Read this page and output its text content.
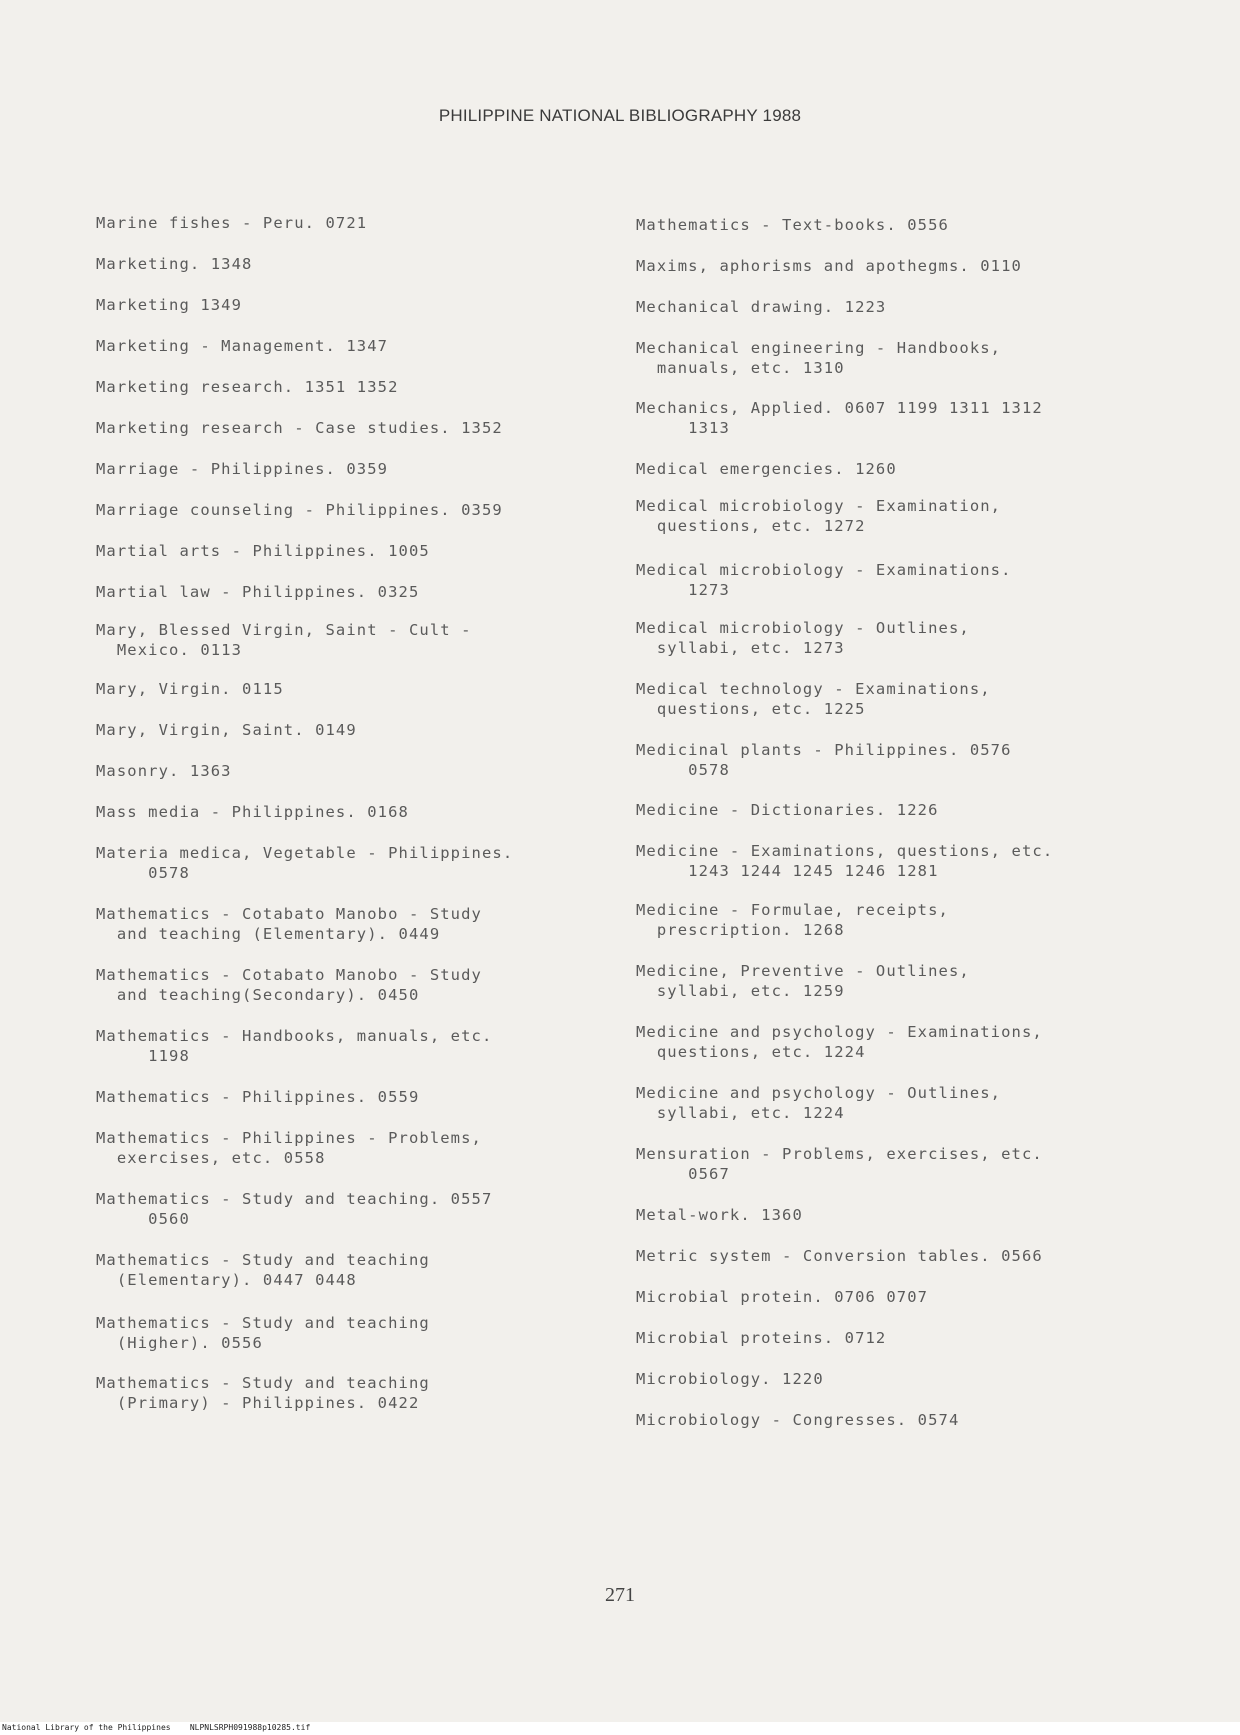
PHILIPPINE NATIONAL BIBLIOGRAPHY 1988
Marine fishes - Peru. 0721
Marketing. 1348
Marketing 1349
Marketing - Management. 1347
Marketing research. 1351 1352
Marketing research - Case studies. 1352
Marriage - Philippines. 0359
Marriage counseling - Philippines. 0359
Martial arts - Philippines. 1005
Martial law - Philippines. 0325
Mary, Blessed Virgin, Saint - Cult -
Mexico. 0113
Mary, Virgin. 0115
Mary, Virgin, Saint. 0149
Masonry. 1363
Mass media - Philippines. 0168
Materia medica, Vegetable - Philippines.
0578
Mathematics - Cotabato Manobo - Study
and teaching (Elementary). 0449
Mathematics - Cotabato Manobo - Study
and teaching(Secondary). 0450
Mathematics - Handbooks, manuals, etc.
1198
Mathematics - Philippines. 0559
Mathematics - Philippines - Problems,
exercises, etc. 0558
Mathematics - Study and teaching. 0557
0560
Mathematics - Study and teaching
(Elementary). 0447 0448
Mathematics - Study and teaching
(Higher). 0556
Mathematics - Study and teaching
(Primary) - Philippines. 0422
Mathematics - Text-books. 0556
Maxims, aphorisms and apothegms. 0110
Mechanical drawing. 1223
Mechanical engineering - Handbooks,
manuals, etc. 1310
Mechanics, Applied. 0607 1199 1311 1312
1313
Medical emergencies. 1260
Medical microbiology - Examination,
questions, etc. 1272
Medical microbiology - Examinations.
1273
Medical microbiology - Outlines,
syllabi, etc. 1273
Medical technology - Examinations,
questions, etc. 1225
Medicinal plants - Philippines. 0576
0578
Medicine - Dictionaries. 1226
Medicine - Examinations, questions, etc.
1243 1244 1245 1246 1281
Medicine - Formulae, receipts,
prescription. 1268
Medicine, Preventive - Outlines,
syllabi, etc. 1259
Medicine and psychology - Examinations,
questions, etc. 1224
Medicine and psychology - Outlines,
syllabi, etc. 1224
Mensuration - Problems, exercises, etc.
0567
Metal-work. 1360
Metric system - Conversion tables. 0566
Microbial protein. 0706 0707
Microbial proteins. 0712
Microbiology. 1220
Microbiology - Congresses. 0574
271
National Library of the Philippines NLPNLSRPH091988p10285.tif
